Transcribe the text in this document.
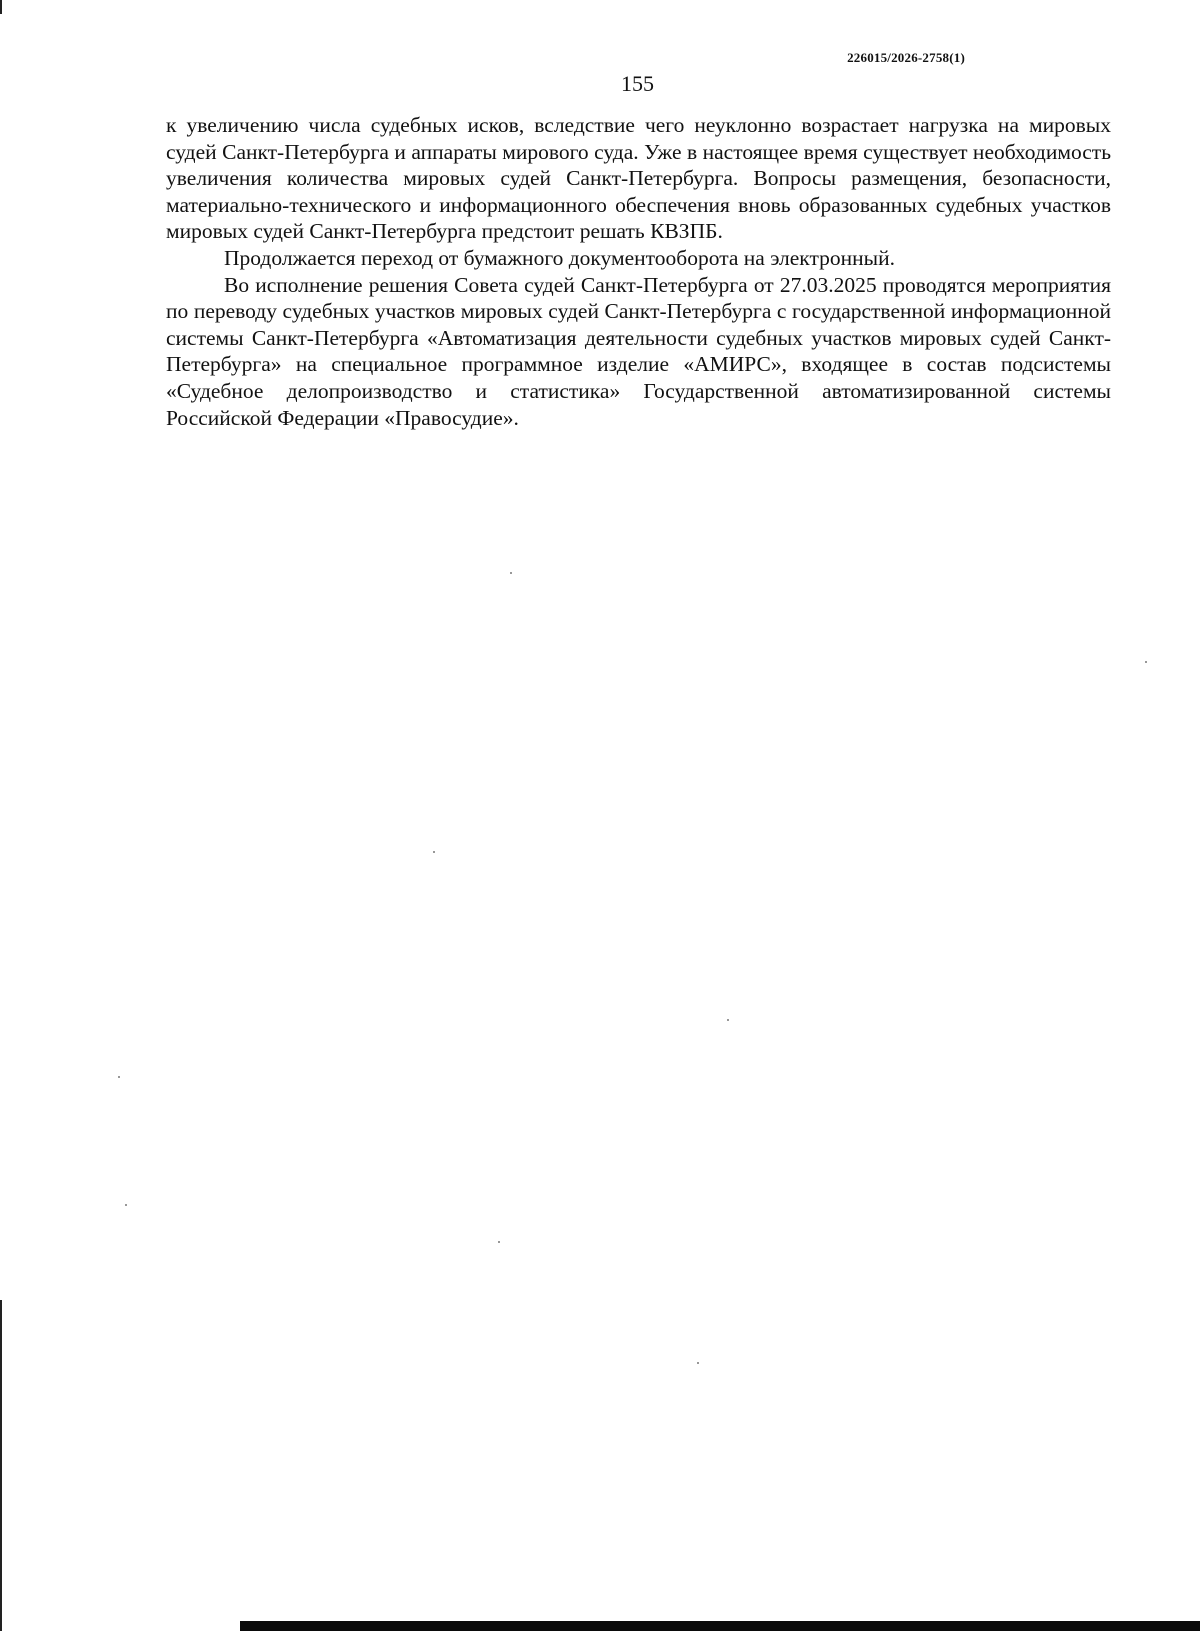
226015/2026-2758(1)
155

к увеличению числа судебных исков, вследствие чего неуклонно возрастает нагрузка на мировых судей Санкт-Петербурга и аппараты мирового суда. Уже в настоящее время существует необходимость увеличения количества мировых судей Санкт-Петербурга. Вопросы размещения, безопасности, материально-технического и информационного обеспечения вновь образованных судебных участков мировых судей Санкт-Петербурга предстоит решать КВЗПБ.

Продолжается переход от бумажного документооборота на электронный.

Во исполнение решения Совета судей Санкт-Петербурга от 27.03.2025 проводятся мероприятия по переводу судебных участков мировых судей Санкт-Петербурга с государственной информационной системы Санкт-Петербурга «Автоматизация деятельности судебных участков мировых судей Санкт-Петербурга» на специальное программное изделие «АМИРС», входящее в состав подсистемы «Судебное делопроизводство и статистика» Государственной автоматизированной системы Российской Федерации «Правосудие».
